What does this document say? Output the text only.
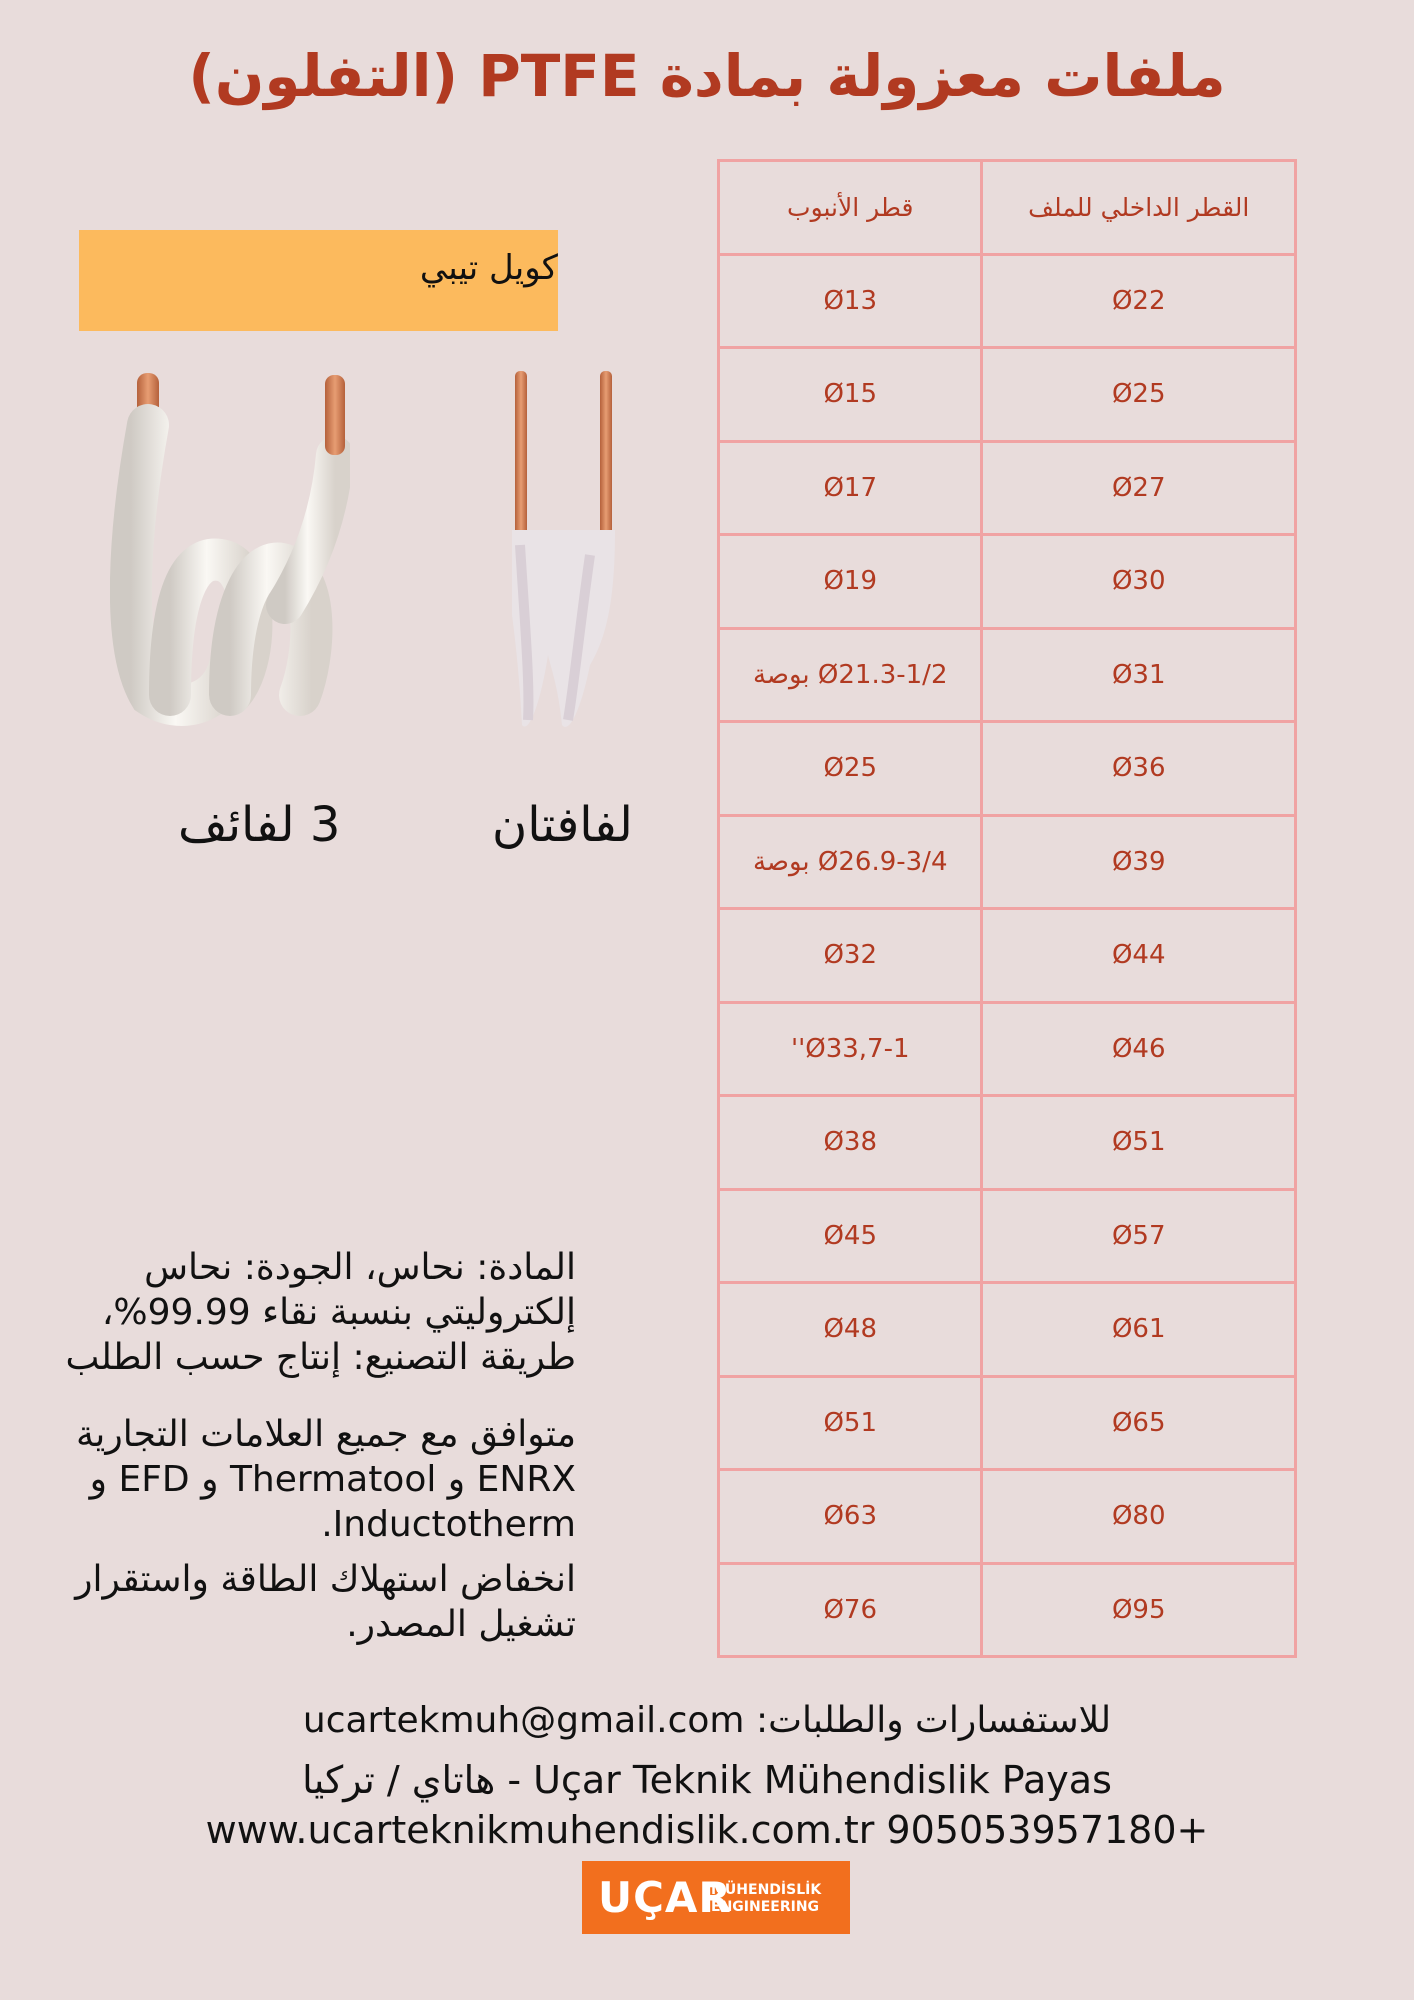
ملفات معزولة بمادة PTFE (التفلون)
القطر الداخلي للملف	قطر الأنبوب
Ø22	Ø13
Ø25	Ø15
Ø27	Ø17
Ø30	Ø19
Ø31	Ø21.3-1/2 بوصة
Ø36	Ø25
Ø39	Ø26.9-3/4 بوصة
Ø44	Ø32
Ø46	Ø33,7-1''
Ø51	Ø38
Ø57	Ø45
Ø61	Ø48
Ø65	Ø51
Ø80	Ø63
Ø95	Ø76
كويل تيبي
3 لفائف	لفافتان
المادة: نحاس، الجودة: نحاس إلكتروليتي بنسبة نقاء 99.99%، طريقة التصنيع: إنتاج حسب الطلب
متوافق مع جميع العلامات التجارية ENRX و Thermatool و EFD و Inductotherm.
انخفاض استهلاك الطاقة واستقرار تشغيل المصدر.
للاستفسارات والطلبات: ucartekmuh@gmail.com
Uçar Teknik Mühendislik Payas - هاتاي / تركيا
www.ucarteknikmuhendislik.com.tr 905053957180+
UÇAR
MÜHENDİSLİK
ENGINEERING
